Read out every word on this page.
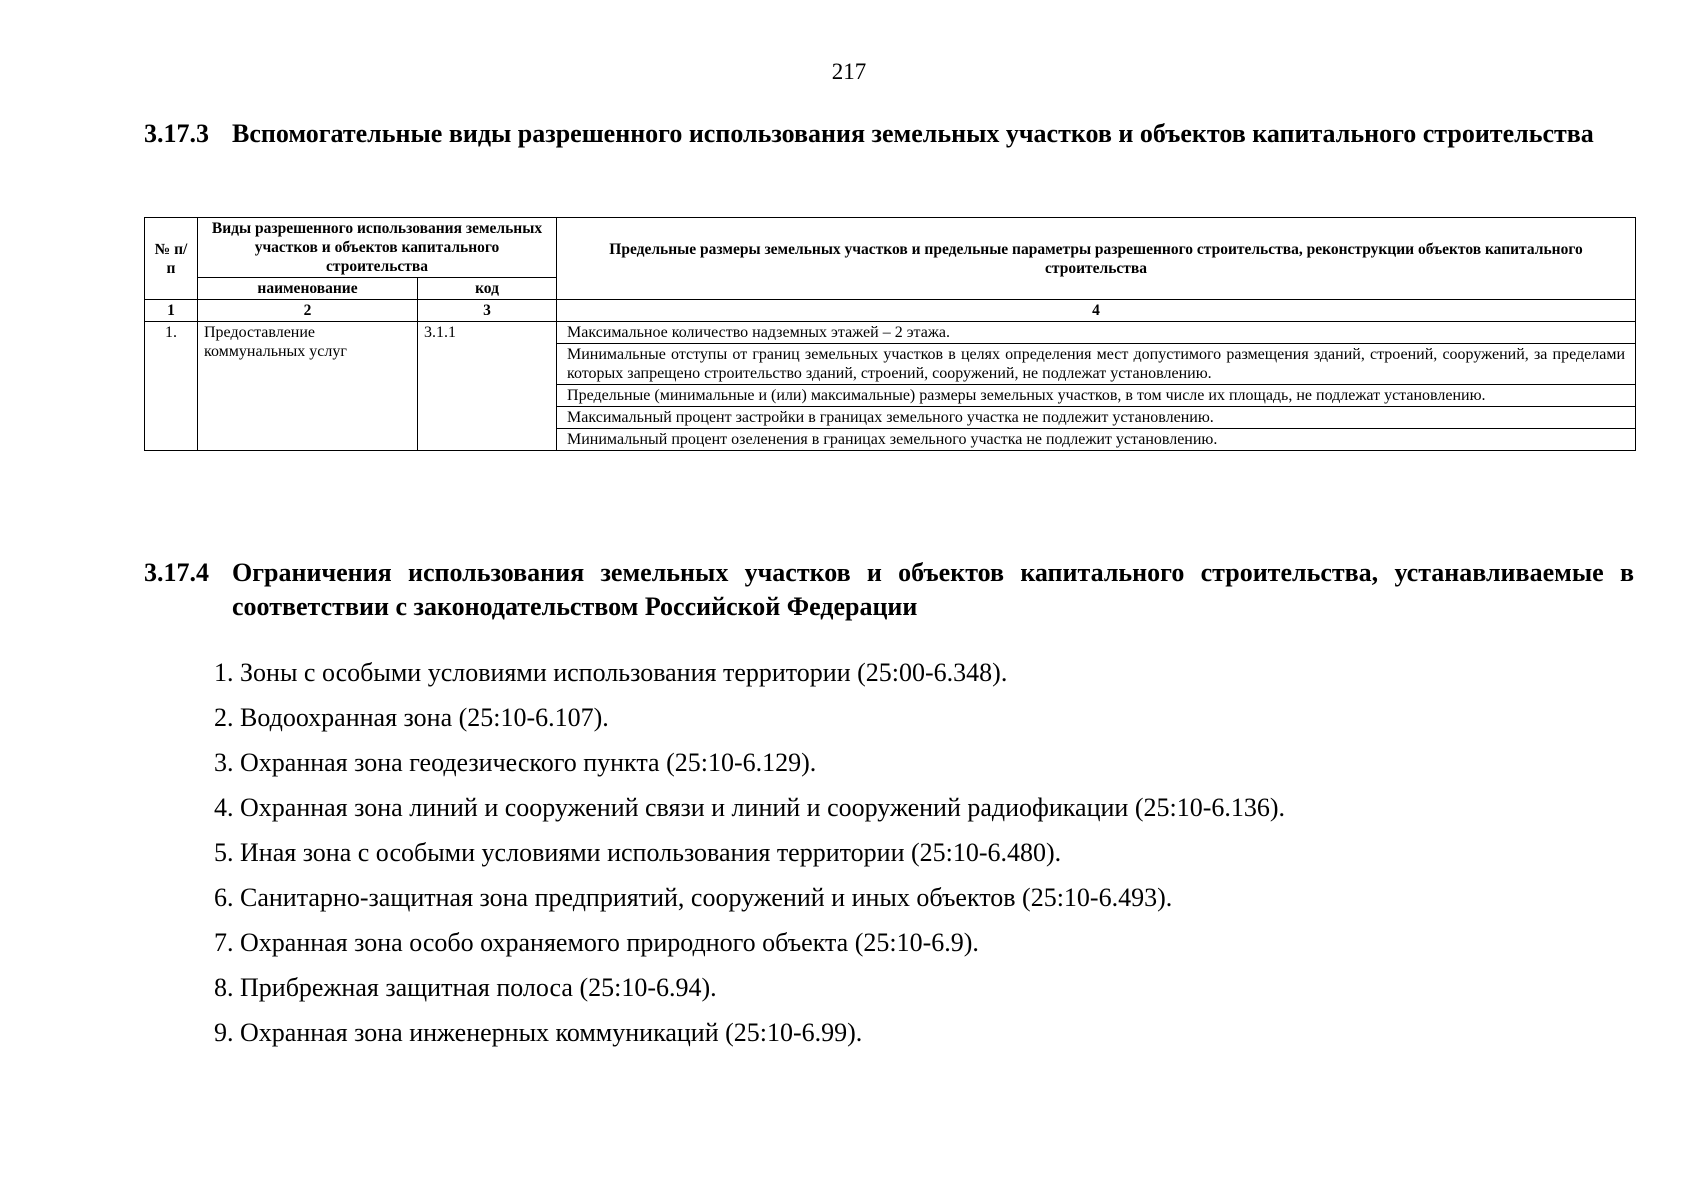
217
3.17.3 Вспомогательные виды разрешенного использования земельных участков и объектов капитального строительства
№ п/п	Виды разрешенного использования земельных участков и объектов капитального строительства		Предельные размеры земельных участков и предельные параметры разрешенного строительства, реконструкции объектов капитального строительства
	наименование	код	
1	2	3	4
1.	Предоставление коммунальных услуг	3.1.1	Максимальное количество надземных этажей – 2 этажа.
			Минимальные отступы от границ земельных участков в целях определения мест допустимого размещения зданий, строений, сооружений, за пределами которых запрещено строительство зданий, строений, сооружений, не подлежат установлению.
			Предельные (минимальные и (или) максимальные) размеры земельных участков, в том числе их площадь, не подлежат установлению.
			Максимальный процент застройки в границах земельного участка не подлежит установлению.
			Минимальный процент озеленения в границах земельного участка не подлежит установлению.
3.17.4 Ограничения использования земельных участков и объектов капитального строительства, устанавливаемые в соответствии с законодательством Российской Федерации
1. Зоны с особыми условиями использования территории (25:00-6.348).
2. Водоохранная зона (25:10-6.107).
3. Охранная зона геодезического пункта (25:10-6.129).
4. Охранная зона линий и сооружений связи и линий и сооружений радиофикации (25:10-6.136).
5. Иная зона с особыми условиями использования территории (25:10-6.480).
6. Санитарно-защитная зона предприятий, сооружений и иных объектов (25:10-6.493).
7. Охранная зона особо охраняемого природного объекта (25:10-6.9).
8. Прибрежная защитная полоса (25:10-6.94).
9. Охранная зона инженерных коммуникаций (25:10-6.99).
